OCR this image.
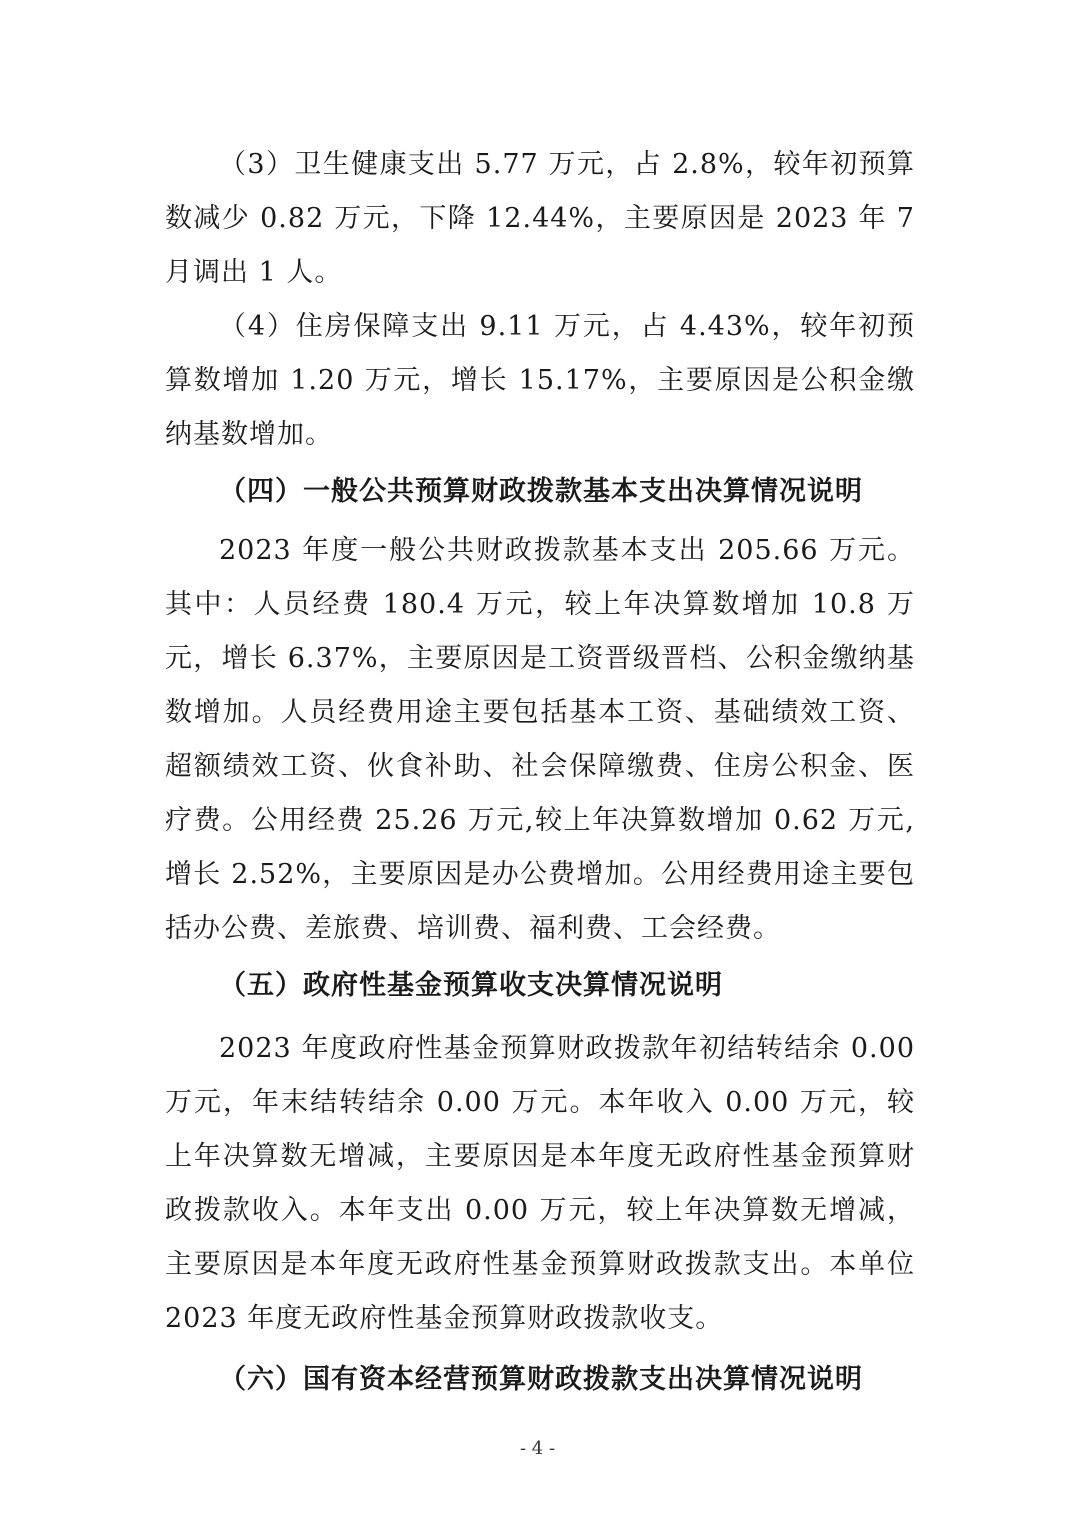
（3）卫生健康支出 5.77 万元，占 2.8%，较年初预算数减少 0.82 万元，下降 12.44%，主要原因是 2023 年 7 月调出 1 人。

（4）住房保障支出 9.11 万元，占 4.43%，较年初预算数增加 1.20 万元，增长 15.17%，主要原因是公积金缴纳基数增加。

（四）一般公共预算财政拨款基本支出决算情况说明

2023 年度一般公共财政拨款基本支出 205.66 万元。其中：人员经费 180.4 万元，较上年决算数增加 10.8 万元，增长 6.37%，主要原因是工资晋级晋档、公积金缴纳基数增加。人员经费用途主要包括基本工资、基础绩效工资、超额绩效工资、伙食补助、社会保障缴费、住房公积金、医疗费。公用经费 25.26 万元,较上年决算数增加 0.62 万元,增长 2.52%，主要原因是办公费增加。公用经费用途主要包括办公费、差旅费、培训费、福利费、工会经费。

（五）政府性基金预算收支决算情况说明

2023 年度政府性基金预算财政拨款年初结转结余 0.00 万元，年末结转结余 0.00 万元。本年收入 0.00 万元，较上年决算数无增减，主要原因是本年度无政府性基金预算财政拨款收入。本年支出 0.00 万元，较上年决算数无增减，主要原因是本年度无政府性基金预算财政拨款支出。本单位 2023 年度无政府性基金预算财政拨款收支。

（六）国有资本经营预算财政拨款支出决算情况说明

- 4 -
